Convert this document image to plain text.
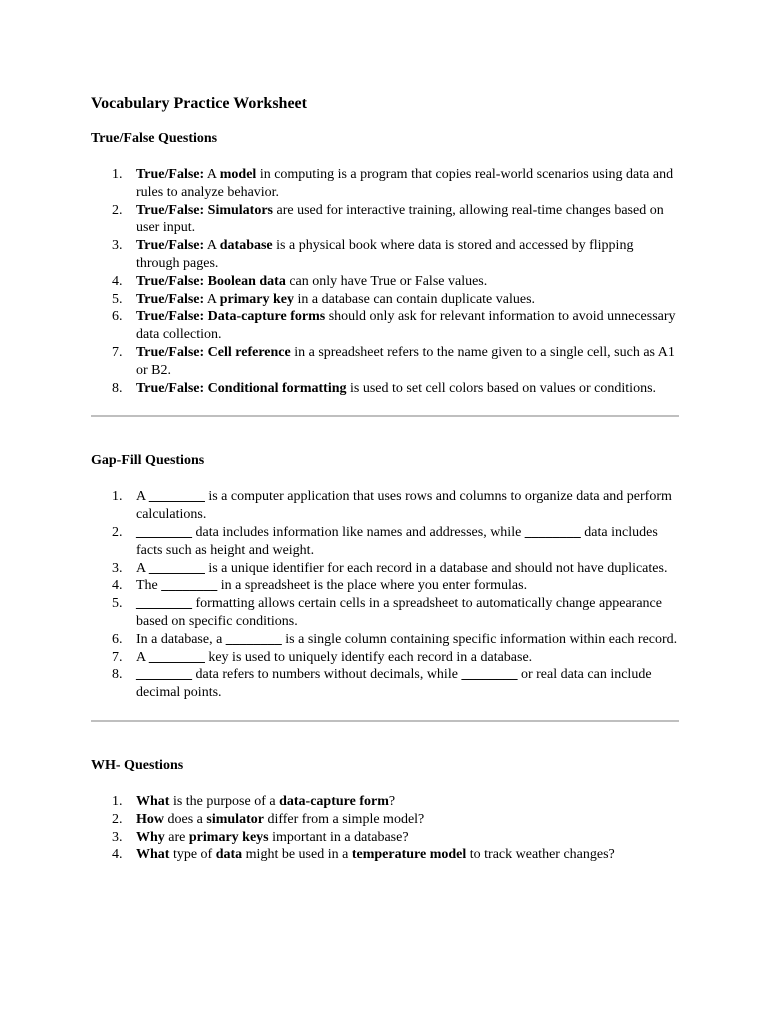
Vocabulary Practice Worksheet
True/False Questions
1. True/False: A model in computing is a program that copies real-world scenarios using data and rules to analyze behavior.
2. True/False: Simulators are used for interactive training, allowing real-time changes based on user input.
3. True/False: A database is a physical book where data is stored and accessed by flipping through pages.
4. True/False: Boolean data can only have True or False values.
5. True/False: A primary key in a database can contain duplicate values.
6. True/False: Data-capture forms should only ask for relevant information to avoid unnecessary data collection.
7. True/False: Cell reference in a spreadsheet refers to the name given to a single cell, such as A1 or B2.
8. True/False: Conditional formatting is used to set cell colors based on values or conditions.
Gap-Fill Questions
1. A ________ is a computer application that uses rows and columns to organize data and perform calculations.
2. ________ data includes information like names and addresses, while ________ data includes facts such as height and weight.
3. A ________ is a unique identifier for each record in a database and should not have duplicates.
4. The ________ in a spreadsheet is the place where you enter formulas.
5. ________ formatting allows certain cells in a spreadsheet to automatically change appearance based on specific conditions.
6. In a database, a ________ is a single column containing specific information within each record.
7. A ________ key is used to uniquely identify each record in a database.
8. ________ data refers to numbers without decimals, while ________ or real data can include decimal points.
WH- Questions
1. What is the purpose of a data-capture form?
2. How does a simulator differ from a simple model?
3. Why are primary keys important in a database?
4. What type of data might be used in a temperature model to track weather changes?
